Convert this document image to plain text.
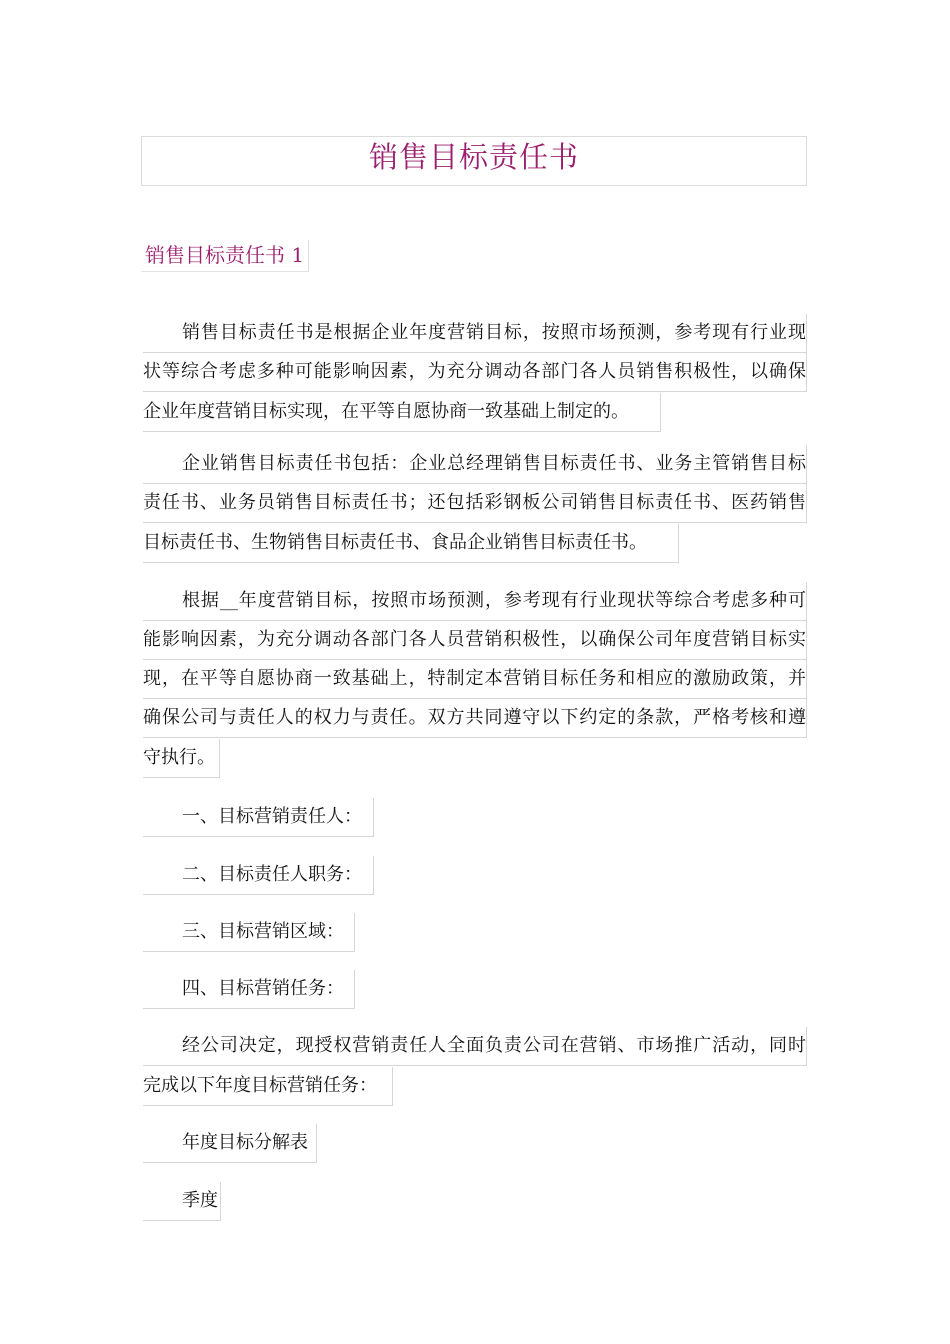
销售目标责任书
销售目标责任书 1
销售目标责任书是根据企业年度营销目标，按照市场预测，参考现有行业现
状等综合考虑多种可能影响因素，为充分调动各部门各人员销售积极性，以确保
企业年度营销目标实现，在平等自愿协商一致基础上制定的。
企业销售目标责任书包括：企业总经理销售目标责任书、业务主管销售目标
责任书、业务员销售目标责任书；还包括彩钢板公司销售目标责任书、医药销售
目标责任书、生物销售目标责任书、食品企业销售目标责任书。
根据__年度营销目标，按照市场预测，参考现有行业现状等综合考虑多种可
能影响因素，为充分调动各部门各人员营销积极性，以确保公司年度营销目标实
现，在平等自愿协商一致基础上，特制定本营销目标任务和相应的激励政策，并
确保公司与责任人的权力与责任。双方共同遵守以下约定的条款，严格考核和遵
守执行。
一、目标营销责任人：
二、目标责任人职务：
三、目标营销区域：
四、目标营销任务：
经公司决定，现授权营销责任人全面负责公司在营销、市场推广活动，同时
完成以下年度目标营销任务：
年度目标分解表
季度
